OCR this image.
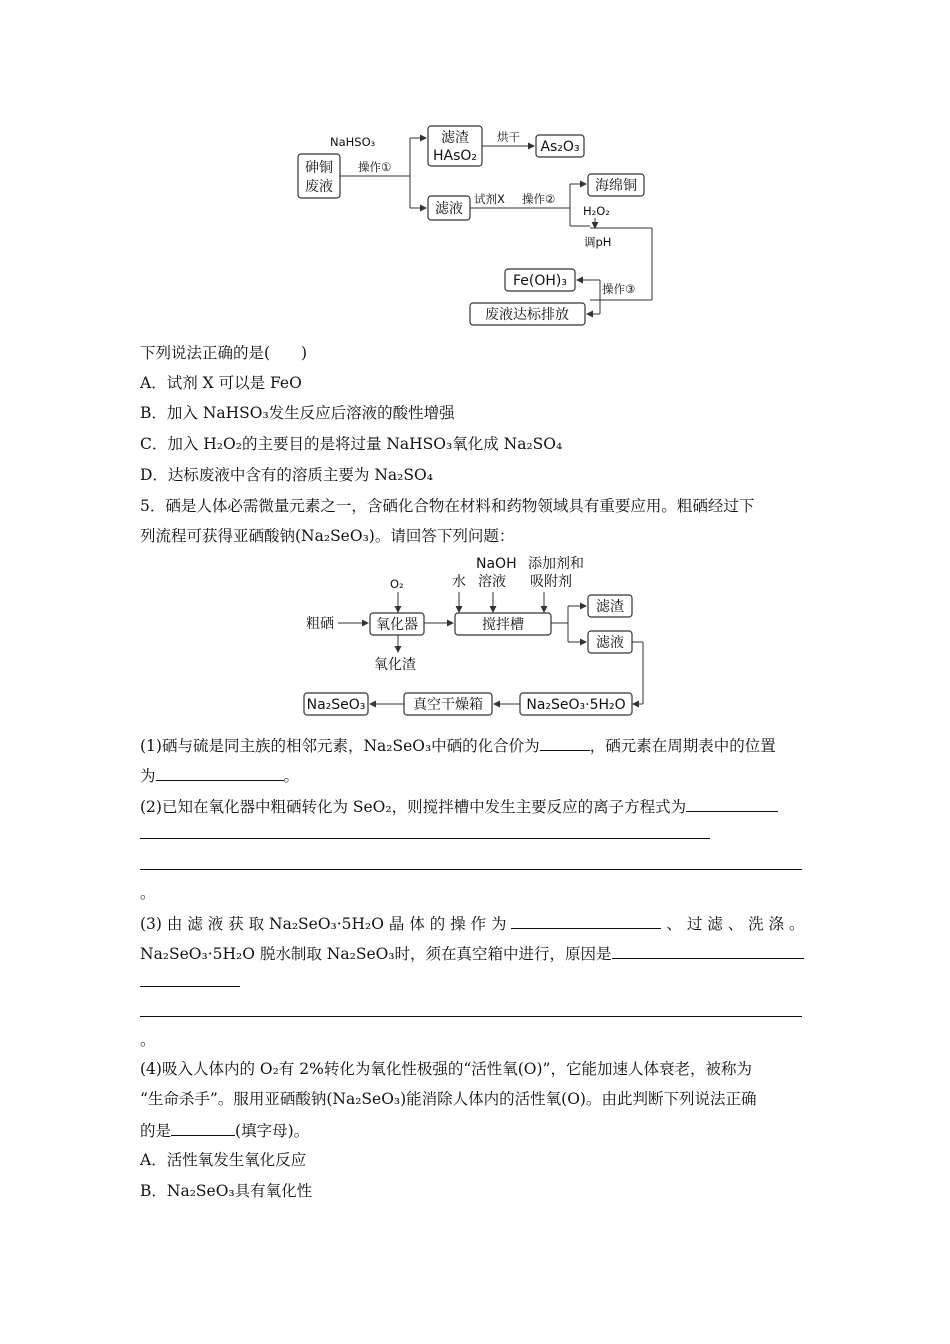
砷铜
废液
NaHSO₃
操作①
滤渣
HAsO₂
烘干
As₂O₃
滤液
试剂X 操作②
海绵铜
H₂O₂
调pH
操作③
Fe(OH)₃
废液达标排放
下列说法正确的是(　　)
A．试剂 X 可以是 FeO
B．加入 NaHSO₃发生反应后溶液的酸性增强
C．加入 H₂O₂的主要目的是将过量 NaHSO₃氧化成 Na₂SO₄
D．达标废液中含有的溶质主要为 Na₂SO₄
5．硒是人体必需微量元素之一，含硒化合物在材料和药物领域具有重要应用。粗硒经过下
列流程可获得亚硒酸钠(Na₂SeO₃)。请回答下列问题：
粗硒
O₂
氧化器
氧化渣
水
NaOH
溶液
添加剂和
吸附剂
搅拌槽
滤渣
滤液
Na₂SeO₃·5H₂O
真空干燥箱
Na₂SeO₃
(1)硒与硫是同主族的相邻元素，Na₂SeO₃中硒的化合价为	，硒元素在周期表中的位置
为	。
(2)已知在氧化器中粗硒转化为 SeO₂，则搅拌槽中发生主要反应的离子方程式为
。
(3) 由 滤 液 获 取 Na₂SeO₃·5H₂O 晶 体 的 操 作 为	、 过 滤 、 洗 涤 。
Na₂SeO₃·5H₂O 脱水制取 Na₂SeO₃时，须在真空箱中进行，原因是
。
(4)吸入人体内的 O₂有 2%转化为氧化性极强的“活性氧(O)”，它能加速人体衰老，被称为
“生命杀手”。服用亚硒酸钠(Na₂SeO₃)能消除人体内的活性氧(O)。由此判断下列说法正确
的是	(填字母)。
A．活性氧发生氧化反应
B．Na₂SeO₃具有氧化性
